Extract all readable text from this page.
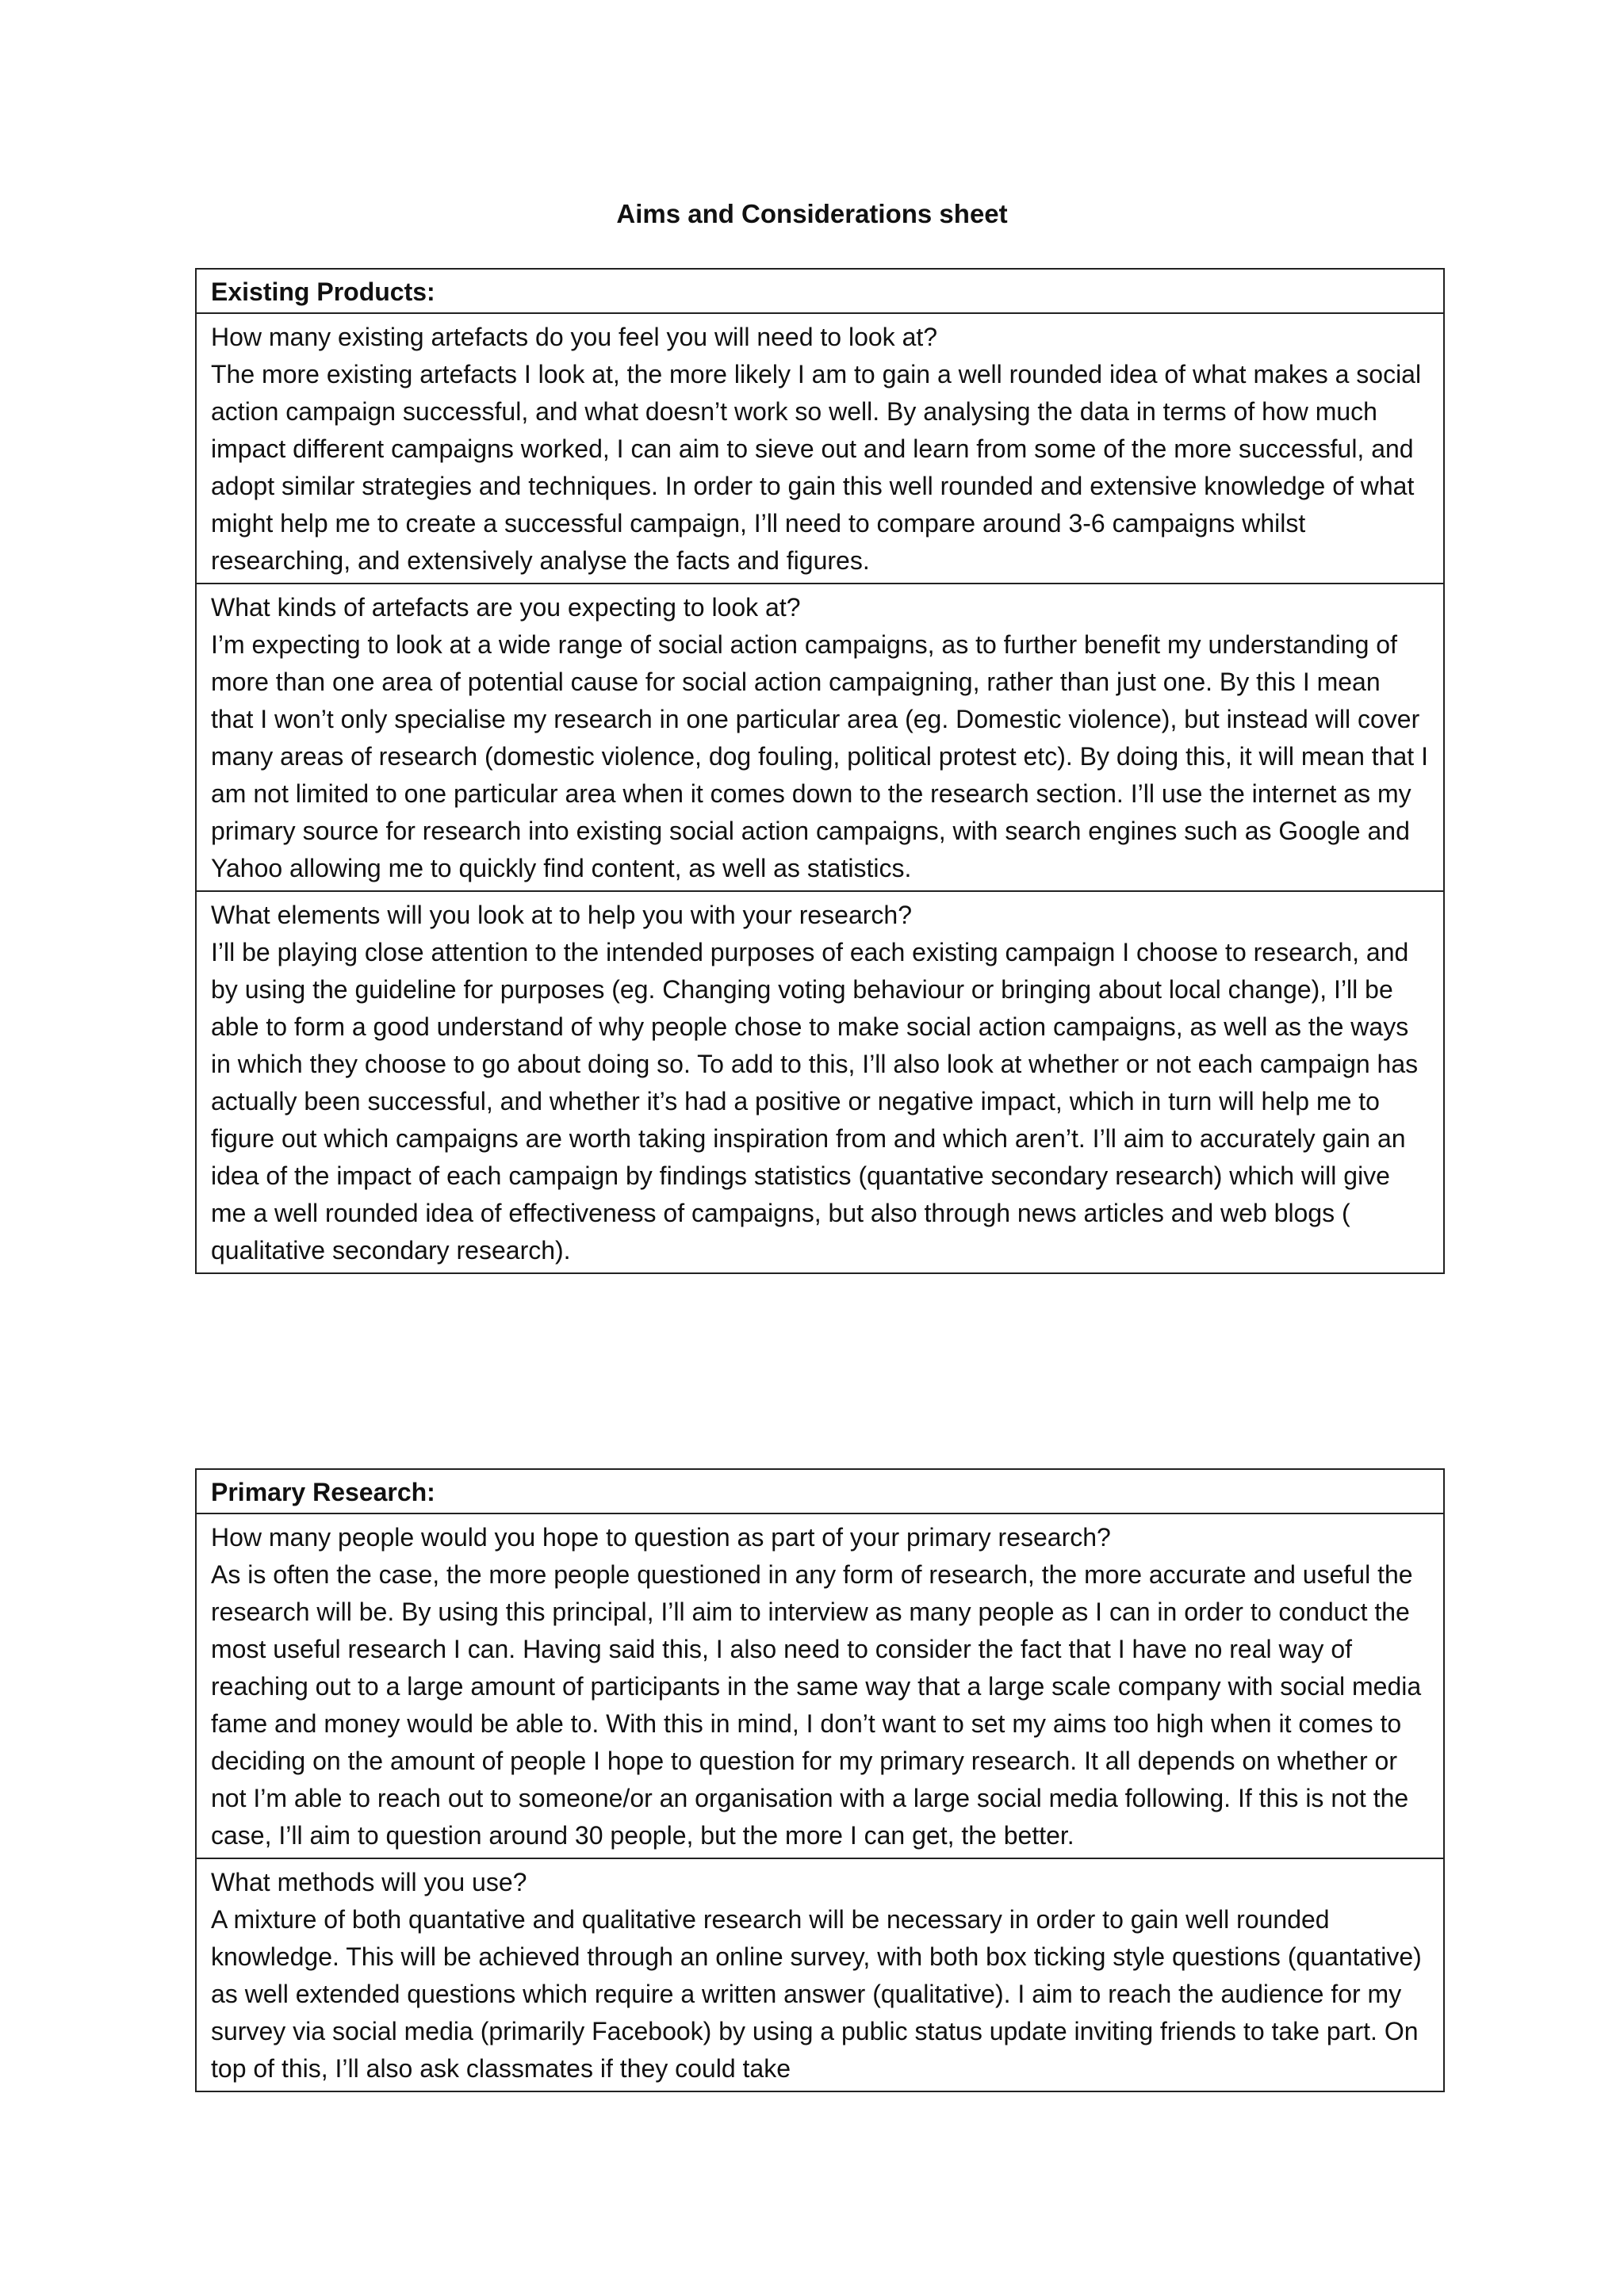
Aims and Considerations sheet
Existing Products:
How many existing artefacts do you feel you will need to look at?
The more existing artefacts I look at, the more likely I am to gain a well rounded idea of what makes a social action campaign successful, and what doesn’t work so well. By analysing the data in terms of how much impact different campaigns worked, I can aim to sieve out and learn from some of the more successful, and adopt similar strategies and techniques. In order to gain this well rounded and extensive knowledge of what might help me to create a successful campaign, I’ll need to compare around 3-6 campaigns whilst researching, and extensively analyse the facts and figures.
What kinds of artefacts are you expecting to look at?
I’m expecting to look at a wide range of social action campaigns, as to further benefit my understanding of more than one area of potential cause for social action campaigning, rather than just one. By this I mean that I won’t only specialise my research in one particular area (eg. Domestic violence), but instead will cover many areas of research (domestic violence, dog fouling, political protest etc). By doing this, it will mean that I am not limited to one particular area when it comes down to the research section. I’ll use the internet as my primary source for research into existing social action campaigns, with search engines such as Google and Yahoo allowing me to quickly find content, as well as statistics.
What elements will you look at to help you with your research?
I’ll be playing close attention to the intended purposes of each existing campaign I choose to research, and by using the guideline for purposes (eg. Changing voting behaviour or bringing about local change), I’ll be able to form a good understand of why people chose to make social action campaigns, as well as the ways in which they choose to go about doing so. To add to this, I’ll also look at whether or not each campaign has actually been successful, and whether it’s had a positive or negative impact, which in turn will help me to figure out which campaigns are worth taking inspiration from and which aren’t. I’ll aim to accurately gain an idea of the impact of each campaign by findings statistics (quantative secondary research) which will give me a well rounded idea of effectiveness of campaigns, but also through news articles and web blogs ( qualitative secondary research).
Primary Research:
How many people would you hope to question as part of your primary research?
As is often the case, the more people questioned in any form of research, the more accurate and useful the research will be. By using this principal, I’ll aim to interview as many people as I can in order to conduct the most useful research I can. Having said this, I also need to consider the fact that I have no real way of reaching out to a large amount of participants in the same way that a large scale company with social media fame and money would be able to. With this in mind, I don’t want to set my aims too high when it comes to deciding on the amount of people I hope to question for my primary research. It all depends on whether or not I’m able to reach out to someone/or an organisation with a large social media following. If this is not the case, I’ll aim to question around 30 people, but the more I can get, the better.
What methods will you use?
A mixture of both quantative and qualitative research will be necessary in order to gain well rounded knowledge. This will be achieved through an online survey, with both box ticking style questions (quantative) as well extended questions which require a written answer (qualitative). I aim to reach the audience for my survey via social media (primarily Facebook) by using a public status update inviting friends to take part. On top of this, I’ll also ask classmates if they could take
